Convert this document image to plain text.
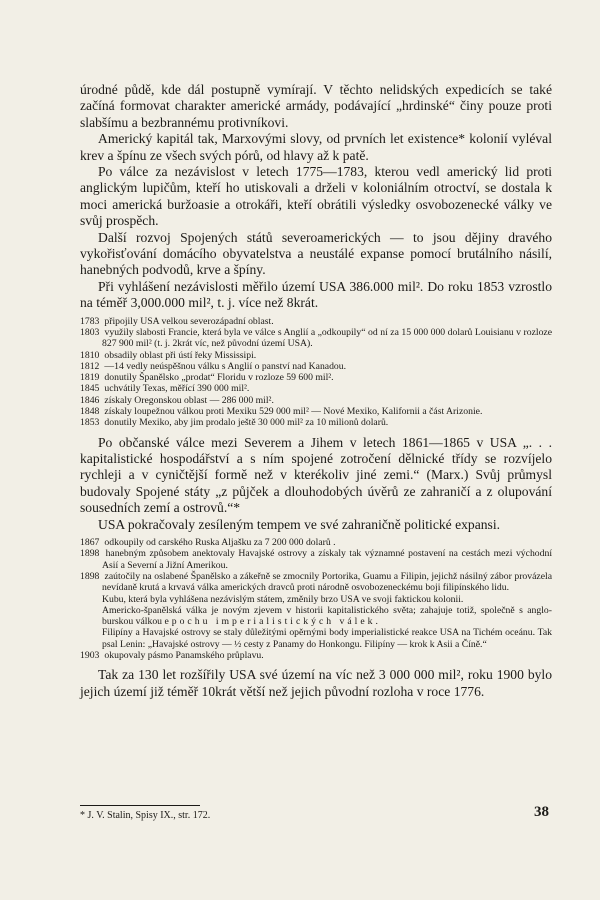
úrodné půdě, kde dál postupně vymírají. V těchto nelidských expedicích se také začíná formovat charakter americké armády, podávající „hrdinské“ činy pouze proti slabšímu a bezbrannému protivníkovi.

Americký kapitál tak, Marxovými slovy, od prvních let existence* kolonií vyléval krev a špínu ze všech svých pórů, od hlavy až k patě.

Po válce za nezávislost v letech 1775—1783, kterou vedl americký lid proti anglickým lupičům, kteří ho utiskovali a drželi v koloniálním otroctví, se dostala k moci americká buržoasie a otrokáři, kteří obrátili výsledky osvobozenecké války ve svůj prospěch.

Další rozvoj Spojených států severoamerických — to jsou dějiny dravého vykořisťování domácího obyvatelstva a neustálé expanse pomocí brutálního násilí, hanebných podvodů, krve a špíny.

Při vyhlášení nezávislosti měřilo území USA 386.000 mil². Do roku 1853 vzrostlo na téměř 3,000.000 mil², t. j. více než 8krát.

1783 připojily USA velkou severozápadní oblast.
1803 využily slabosti Francie, která byla ve válce s Anglií a „odkoupily“ od ní za 15 000 000 dolarů Louisianu v rozloze 827 900 mil² (t. j. 2krát víc, než původní území USA).
1810 obsadily oblast při ústí řeky Mississipi.
1812 —14 vedly neúspěšnou válku s Anglií o panství nad Kanadou.
1819 donutily Španělsko „prodat“ Floridu v rozloze 59 600 mil².
1845 uchvátily Texas, měřící 390 000 mil².
1846 získaly Oregonskou oblast — 286 000 mil².
1848 získaly loupežnou válkou proti Mexiku 529 000 mil² — Nové Mexiko, Kalifornii a část Arizonie.
1853 donutily Mexiko, aby jim prodalo ještě 30 000 mil² za 10 milionů dolarů.

Po občanské válce mezi Severem a Jihem v letech 1861—1865 v USA „. . . kapitalistické hospodářství a s ním spojené zotročení dělnické třídy se rozvíjelo rychleji a v cyničtější formě než v kterékoliv jiné zemi.“ (Marx.) Svůj průmysl budovaly Spojené státy „z půjček a dlouhodobých úvěrů ze zahraničí a z olupování sousedních zemí a ostrovů.“*

USA pokračovaly zesíleným tempem ve své zahraničně politické expansi.

1867 odkoupily od carského Ruska Aljašku za 7 200 000 dolarů .
1898 hanebným způsobem anektovaly Havajské ostrovy a získaly tak významné postavení na cestách mezi východní Asií a Severní a Jižní Amerikou.
1898 zaútočily na oslabené Španělsko a zákeřně se zmocnily Portorika, Guamu a Filipin, jejichž násilný zábor provázela nevídaně krutá a krvavá válka amerických dravců proti národně osvobozeneckému boji filipínského lidu.
Kubu, která byla vyhlášena nezávislým státem, změnily brzo USA ve svoji faktickou kolonii.
Americko-španělská válka je novým zjevem v historii kapitalistického světa; zahajuje totiž, společně s anglo-burskou válkou epochu imperialistických válek.
Filipíny a Havajské ostrovy se staly důležitými opěrnými body imperialistické reakce USA na Tichém oceánu. Tak psal Lenin: „Havajské ostrovy — ½ cesty z Panamy do Honkongu. Filipíny — krok k Asii a Číně.“
1903 okupovaly pásmo Panamského průplavu.

Tak za 130 let rozšířily USA své území na víc než 3 000 000 mil², roku 1900 bylo jejich území již téměř 10krát větší než jejich původní rozloha v roce 1776.

* J. V. Stalin, Spisy IX., str. 172.	38
